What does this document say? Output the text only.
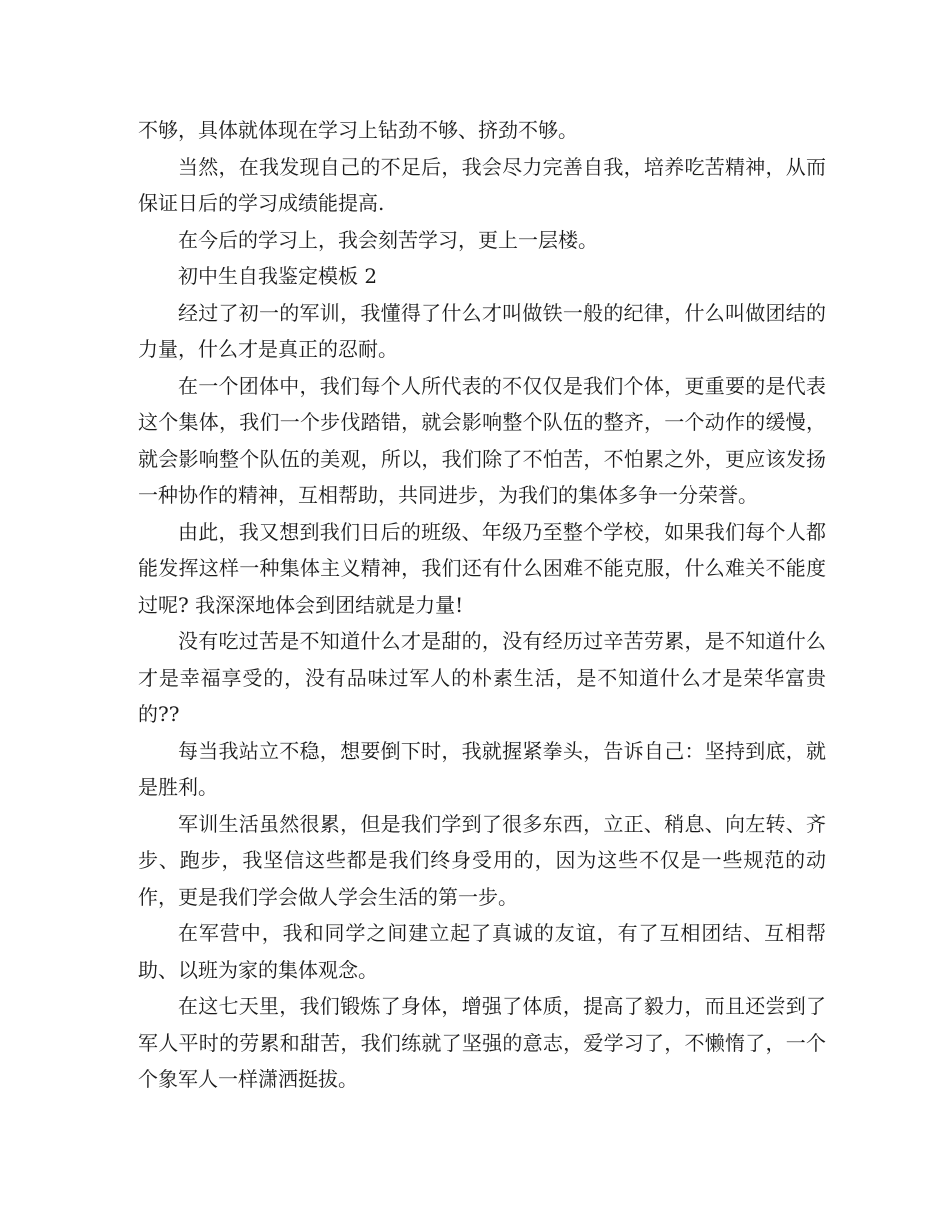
不够，具体就体现在学习上钻劲不够、挤劲不够。

当然，在我发现自己的不足后，我会尽力完善自我，培养吃苦精神，从而保证日后的学习成绩能提高.

在今后的学习上，我会刻苦学习，更上一层楼。

初中生自我鉴定模板 2

经过了初一的军训，我懂得了什么才叫做铁一般的纪律，什么叫做团结的力量，什么才是真正的忍耐。

在一个团体中，我们每个人所代表的不仅仅是我们个体，更重要的是代表这个集体，我们一个步伐踏错，就会影响整个队伍的整齐，一个动作的缓慢，就会影响整个队伍的美观，所以，我们除了不怕苦，不怕累之外，更应该发扬一种协作的精神，互相帮助，共同进步，为我们的集体多争一分荣誉。

由此，我又想到我们日后的班级、年级乃至整个学校，如果我们每个人都能发挥这样一种集体主义精神，我们还有什么困难不能克服，什么难关不能度过呢? 我深深地体会到团结就是力量!

没有吃过苦是不知道什么才是甜的，没有经历过辛苦劳累，是不知道什么才是幸福享受的，没有品味过军人的朴素生活，是不知道什么才是荣华富贵的??

每当我站立不稳，想要倒下时，我就握紧拳头，告诉自己：坚持到底，就是胜利。

军训生活虽然很累，但是我们学到了很多东西，立正、稍息、向左转、齐步、跑步，我坚信这些都是我们终身受用的，因为这些不仅是一些规范的动作，更是我们学会做人学会生活的第一步。

在军营中，我和同学之间建立起了真诚的友谊，有了互相团结、互相帮助、以班为家的集体观念。

在这七天里，我们锻炼了身体，增强了体质，提高了毅力，而且还尝到了军人平时的劳累和甜苦，我们练就了坚强的意志，爱学习了，不懒惰了，一个个象军人一样潇洒挺拔。
